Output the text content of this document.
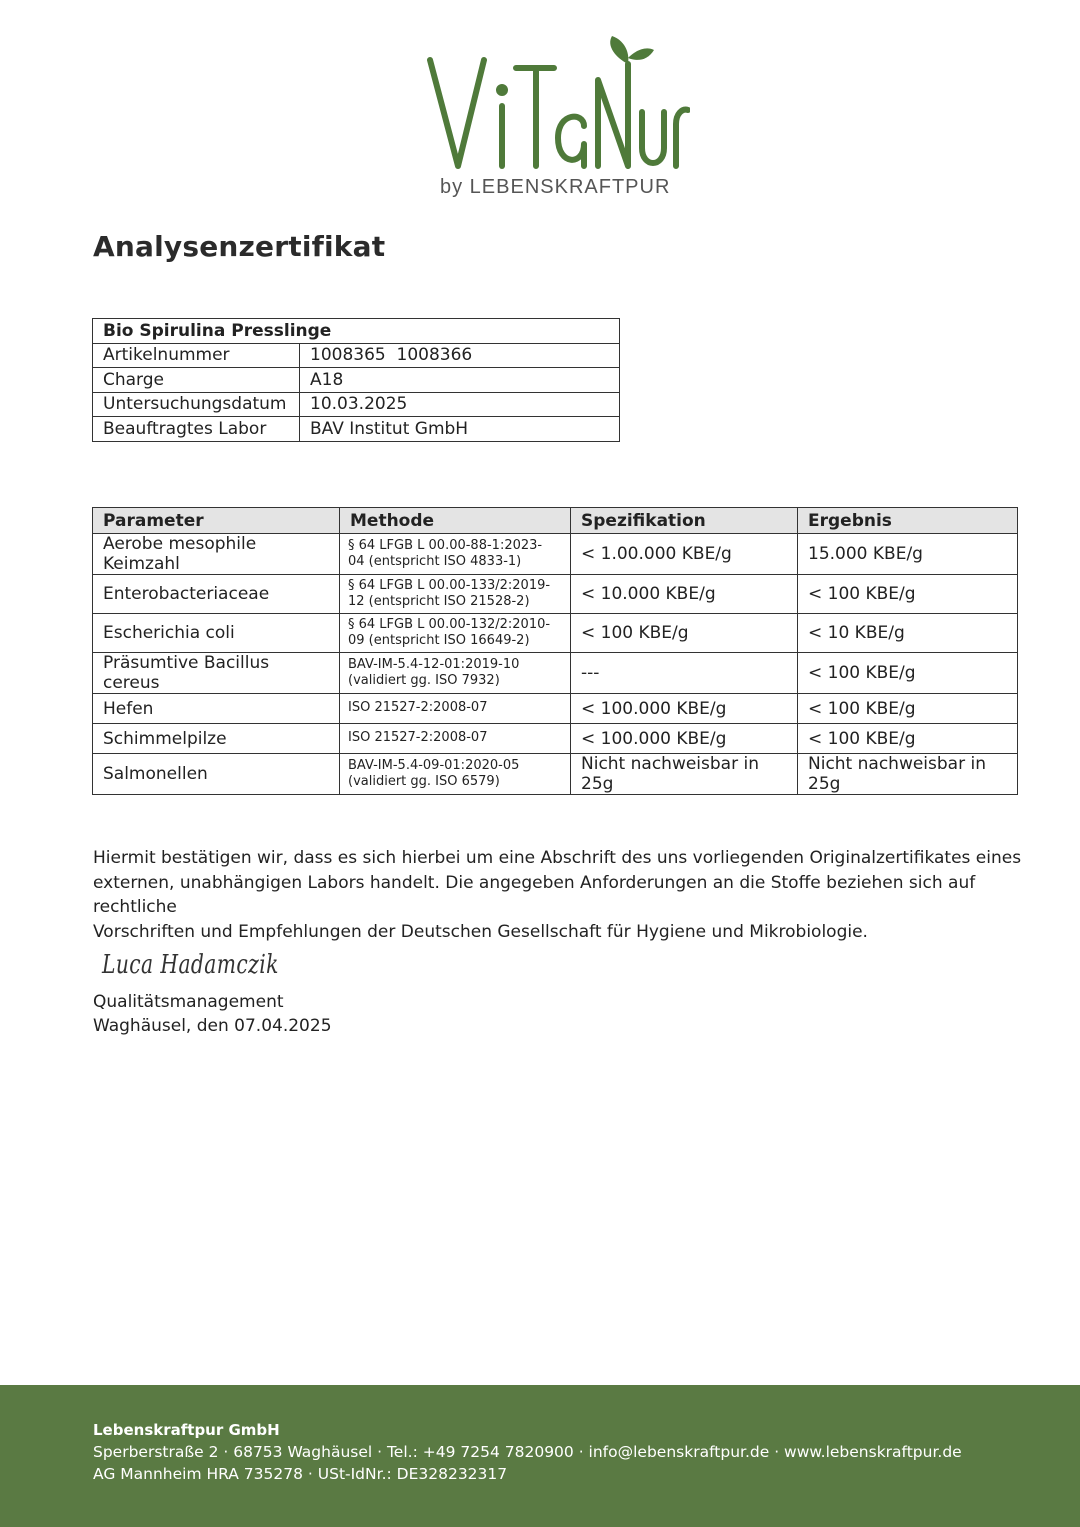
by LEBENSKRAFTPUR
Analysenzertifikat
Bio Spirulina Presslinge	
Artikelnummer	1008365  1008366
Charge	A18
Untersuchungsdatum	10.03.2025
Beauftragtes Labor	BAV Institut GmbH
Parameter	Methode	Spezifikation	Ergebnis
Aerobe mesophile Keimzahl	§ 64 LFGB L 00.00-88-1:2023-
04 (entspricht ISO 4833-1)	< 1.00.000 KBE/g	15.000 KBE/g
Enterobacteriaceae	§ 64 LFGB L 00.00-133/2:2019-
12 (entspricht ISO 21528-2)	< 10.000 KBE/g	< 100 KBE/g
Escherichia coli	§ 64 LFGB L 00.00-132/2:2010-
09 (entspricht ISO 16649-2)	< 100 KBE/g	< 10 KBE/g
Präsumtive Bacillus cereus	BAV-IM-5.4-12-01:2019-10
(validiert gg. ISO 7932)	---	< 100 KBE/g
Hefen	ISO 21527-2:2008-07	< 100.000 KBE/g	< 100 KBE/g
Schimmelpilze	ISO 21527-2:2008-07	< 100.000 KBE/g	< 100 KBE/g
Salmonellen	BAV-IM-5.4-09-01:2020-05
(validiert gg. ISO 6579)	Nicht nachweisbar in 25g	Nicht nachweisbar in 25g

Hiermit bestätigen wir, dass es sich hierbei um eine Abschrift des uns vorliegenden Originalzertifikates eines
externen, unabhängigen Labors handelt. Die angegeben Anforderungen an die Stoffe beziehen sich auf rechtliche
Vorschriften und Empfehlungen der Deutschen Gesellschaft für Hygiene und Mikrobiologie.

Luca Hadamczik
Qualitätsmanagement
Waghäusel, den 07.04.2025
Lebenskraftpur GmbH
Sperberstraße 2 · 68753 Waghäusel · Tel.: +49 7254 7820900 · info@lebenskraftpur.de · www.lebenskraftpur.de
AG Mannheim HRA 735278 · USt-IdNr.: DE328232317
